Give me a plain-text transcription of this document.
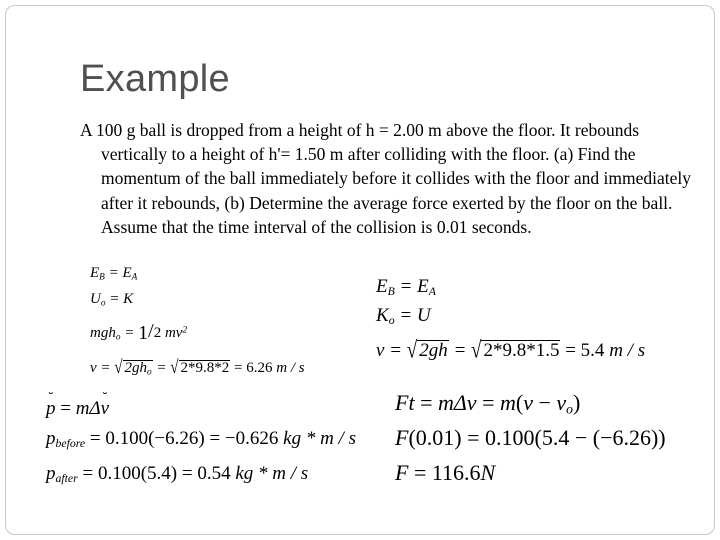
Example
A 100 g ball is dropped from a height of h = 2.00 m above the floor. It rebounds vertically to a height of h'= 1.50 m after colliding with the floor. (a) Find the momentum of the ball immediately before it collides with the floor and immediately after it rebounds, (b) Determine the average force exerted by the floor on the ball. Assume that the time interval of the collision is 0.01 seconds.
$E_B = E_A$
$U_o = K$
mgh$_o$ = 1/2 $mv^2$
v = √ $2gh_o$ = √ 2*9.8*2 = 6.26 m / s
$E_B = E_A$
$K_o = U$
v = √ 2gh = √ 2*9.8*1.5 = 5.4 m / s
˘ p = mΔ˘ v
$p_{before} = 0.100(-6.26) = -0.626$ kg * m / s
$p_{after} = 0.100(5.4) = 0.54$ kg * m / s
$Ft = m\Delta v = m(v - v_o)$
F(0.01) = 0.100(5.4 − (−6.26))
F = 116.6N
